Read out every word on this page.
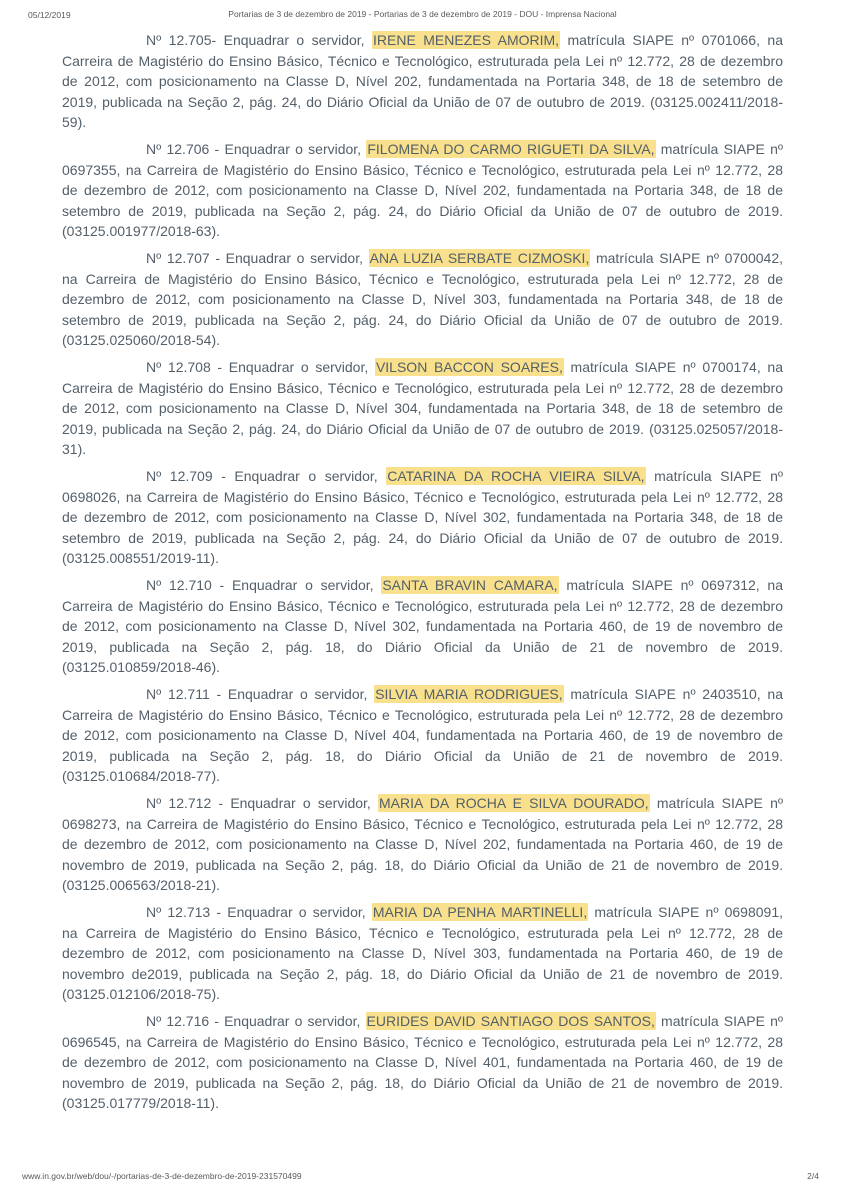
05/12/2019	Portarias de 3 de dezembro de 2019 - Portarias de 3 de dezembro de 2019 - DOU - Imprensa Nacional

Nº 12.705- Enquadrar o servidor, IRENE MENEZES AMORIM, matrícula SIAPE nº 0701066, na Carreira de Magistério do Ensino Básico, Técnico e Tecnológico, estruturada pela Lei nº 12.772, 28 de dezembro de 2012, com posicionamento na Classe D, Nível 202, fundamentada na Portaria 348, de 18 de setembro de 2019, publicada na Seção 2, pág. 24, do Diário Oficial da União de 07 de outubro de 2019. (03125.002411/2018-59).

Nº 12.706 - Enquadrar o servidor, FILOMENA DO CARMO RIGUETI DA SILVA, matrícula SIAPE nº 0697355, na Carreira de Magistério do Ensino Básico, Técnico e Tecnológico, estruturada pela Lei nº 12.772, 28 de dezembro de 2012, com posicionamento na Classe D, Nível 202, fundamentada na Portaria 348, de 18 de setembro de 2019, publicada na Seção 2, pág. 24, do Diário Oficial da União de 07 de outubro de 2019. (03125.001977/2018-63).

Nº 12.707 - Enquadrar o servidor, ANA LUZIA SERBATE CIZMOSKI, matrícula SIAPE nº 0700042, na Carreira de Magistério do Ensino Básico, Técnico e Tecnológico, estruturada pela Lei nº 12.772, 28 de dezembro de 2012, com posicionamento na Classe D, Nível 303, fundamentada na Portaria 348, de 18 de setembro de 2019, publicada na Seção 2, pág. 24, do Diário Oficial da União de 07 de outubro de 2019. (03125.025060/2018-54).

Nº 12.708 - Enquadrar o servidor, VILSON BACCON SOARES, matrícula SIAPE nº 0700174, na Carreira de Magistério do Ensino Básico, Técnico e Tecnológico, estruturada pela Lei nº 12.772, 28 de dezembro de 2012, com posicionamento na Classe D, Nível 304, fundamentada na Portaria 348, de 18 de setembro de 2019, publicada na Seção 2, pág. 24, do Diário Oficial da União de 07 de outubro de 2019. (03125.025057/2018-31).

Nº 12.709 - Enquadrar o servidor, CATARINA DA ROCHA VIEIRA SILVA, matrícula SIAPE nº 0698026, na Carreira de Magistério do Ensino Básico, Técnico e Tecnológico, estruturada pela Lei nº 12.772, 28 de dezembro de 2012, com posicionamento na Classe D, Nível 302, fundamentada na Portaria 348, de 18 de setembro de 2019, publicada na Seção 2, pág. 24, do Diário Oficial da União de 07 de outubro de 2019. (03125.008551/2019-11).

Nº 12.710 - Enquadrar o servidor, SANTA BRAVIN CAMARA, matrícula SIAPE nº 0697312, na Carreira de Magistério do Ensino Básico, Técnico e Tecnológico, estruturada pela Lei nº 12.772, 28 de dezembro de 2012, com posicionamento na Classe D, Nível 302, fundamentada na Portaria 460, de 19 de novembro de 2019, publicada na Seção 2, pág. 18, do Diário Oficial da União de 21 de novembro de 2019. (03125.010859/2018-46).

Nº 12.711 - Enquadrar o servidor, SILVIA MARIA RODRIGUES, matrícula SIAPE nº 2403510, na Carreira de Magistério do Ensino Básico, Técnico e Tecnológico, estruturada pela Lei nº 12.772, 28 de dezembro de 2012, com posicionamento na Classe D, Nível 404, fundamentada na Portaria 460, de 19 de novembro de 2019, publicada na Seção 2, pág. 18, do Diário Oficial da União de 21 de novembro de 2019. (03125.010684/2018-77).

Nº 12.712 - Enquadrar o servidor, MARIA DA ROCHA E SILVA DOURADO, matrícula SIAPE nº 0698273, na Carreira de Magistério do Ensino Básico, Técnico e Tecnológico, estruturada pela Lei nº 12.772, 28 de dezembro de 2012, com posicionamento na Classe D, Nível 202, fundamentada na Portaria 460, de 19 de novembro de 2019, publicada na Seção 2, pág. 18, do Diário Oficial da União de 21 de novembro de 2019. (03125.006563/2018-21).

Nº 12.713 - Enquadrar o servidor, MARIA DA PENHA MARTINELLI, matrícula SIAPE nº 0698091, na Carreira de Magistério do Ensino Básico, Técnico e Tecnológico, estruturada pela Lei nº 12.772, 28 de dezembro de 2012, com posicionamento na Classe D, Nível 303, fundamentada na Portaria 460, de 19 de novembro de2019, publicada na Seção 2, pág. 18, do Diário Oficial da União de 21 de novembro de 2019. (03125.012106/2018-75).

Nº 12.716 - Enquadrar o servidor, EURIDES DAVID SANTIAGO DOS SANTOS, matrícula SIAPE nº 0696545, na Carreira de Magistério do Ensino Básico, Técnico e Tecnológico, estruturada pela Lei nº 12.772, 28 de dezembro de 2012, com posicionamento na Classe D, Nível 401, fundamentada na Portaria 460, de 19 de novembro de 2019, publicada na Seção 2, pág. 18, do Diário Oficial da União de 21 de novembro de 2019. (03125.017779/2018-11).

www.in.gov.br/web/dou/-/portarias-de-3-de-dezembro-de-2019-231570499	2/4
